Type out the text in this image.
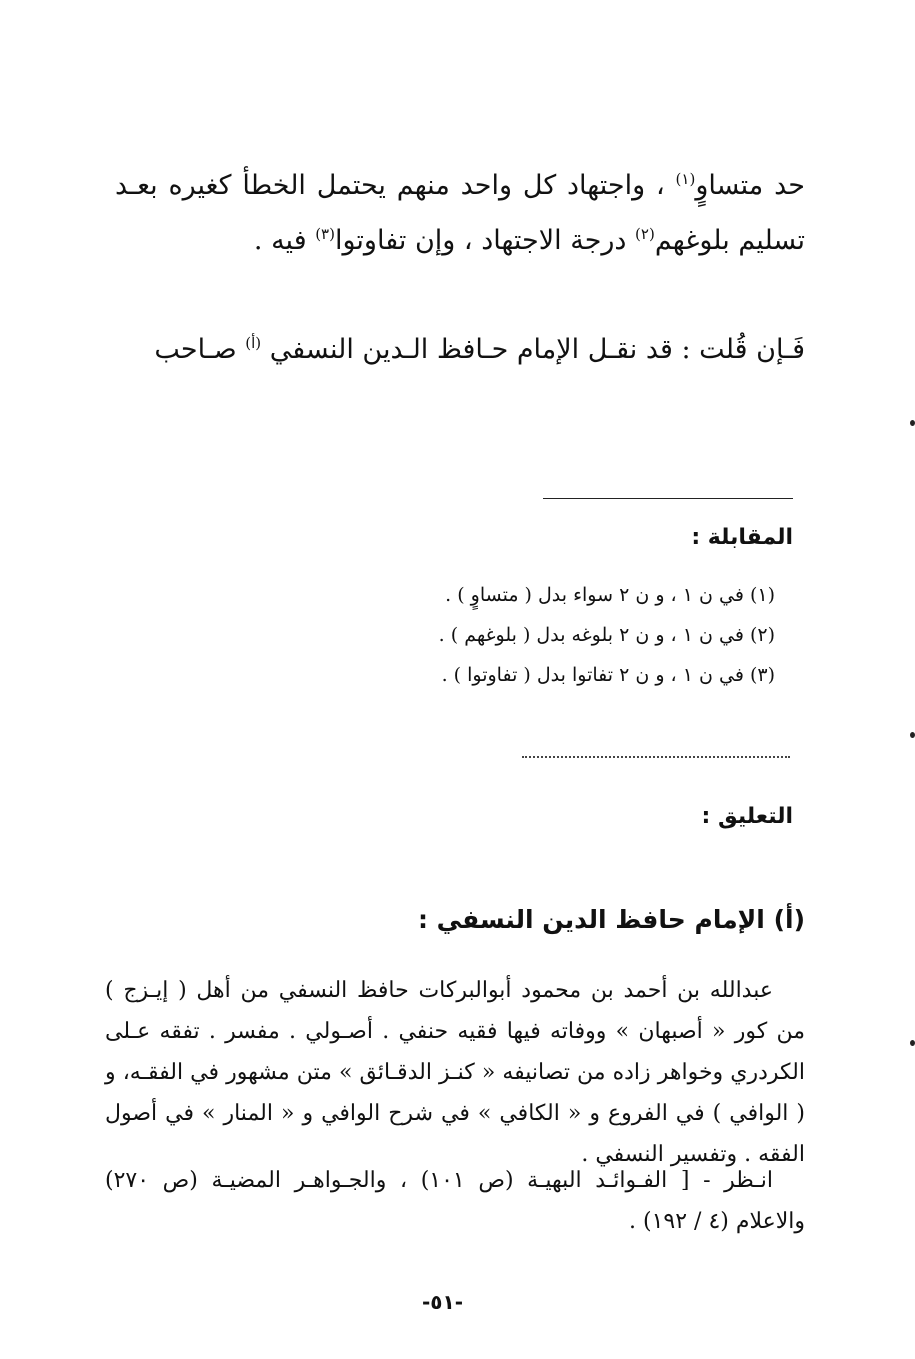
حد متساوٍ$^{(١)}$ ، واجتهاد كل واحد منهم يحتمل الخطأ كغيره بعـد تسليم بلوغهم$^{(٢)}$ درجة الاجتهاد ، وإن تفاوتوا$^{(٣)}$ فيه .

فَـإن قُلت : قد نقـل الإمام حـافظ الـدين النسفي $^{(أ)}$ صـاحب

المقابلة :
(١) في ن ١ ، و ن ٢ سواء بدل ( متساوٍ ) .
(٢) في ن ١ ، و ن ٢ بلوغه بدل ( بلوغهم ) .
(٣) في ن ١ ، و ن ٢ تفاتوا بدل ( تفاوتوا ) .
التعليق :
(أ) الإمام حافظ الدين النسفي :

عبدالله بن أحمد بن محمود أبوالبركات حافظ النسفي من أهل ( إيـزج ) من كور « أصبهان » ووفاته فيها فقيه حنفي . أصـولي . مفسر . تفقه عـلى الكردري وخواهر زاده من تصانيفه « كنـز الدقـائق » متن مشهور في الفقـه، و ( الوافي ) في الفروع و « الكافي » في شرح الوافي و « المنار » في أصول الفقه . وتفسير النسفي .

انـظر - [ الفـوائـد البهيـة (ص ١٠١) ، والجـواهـر المضيـة (ص ٢٧٠) والاعلام (٤ / ١٩٢) .

-٥١-
